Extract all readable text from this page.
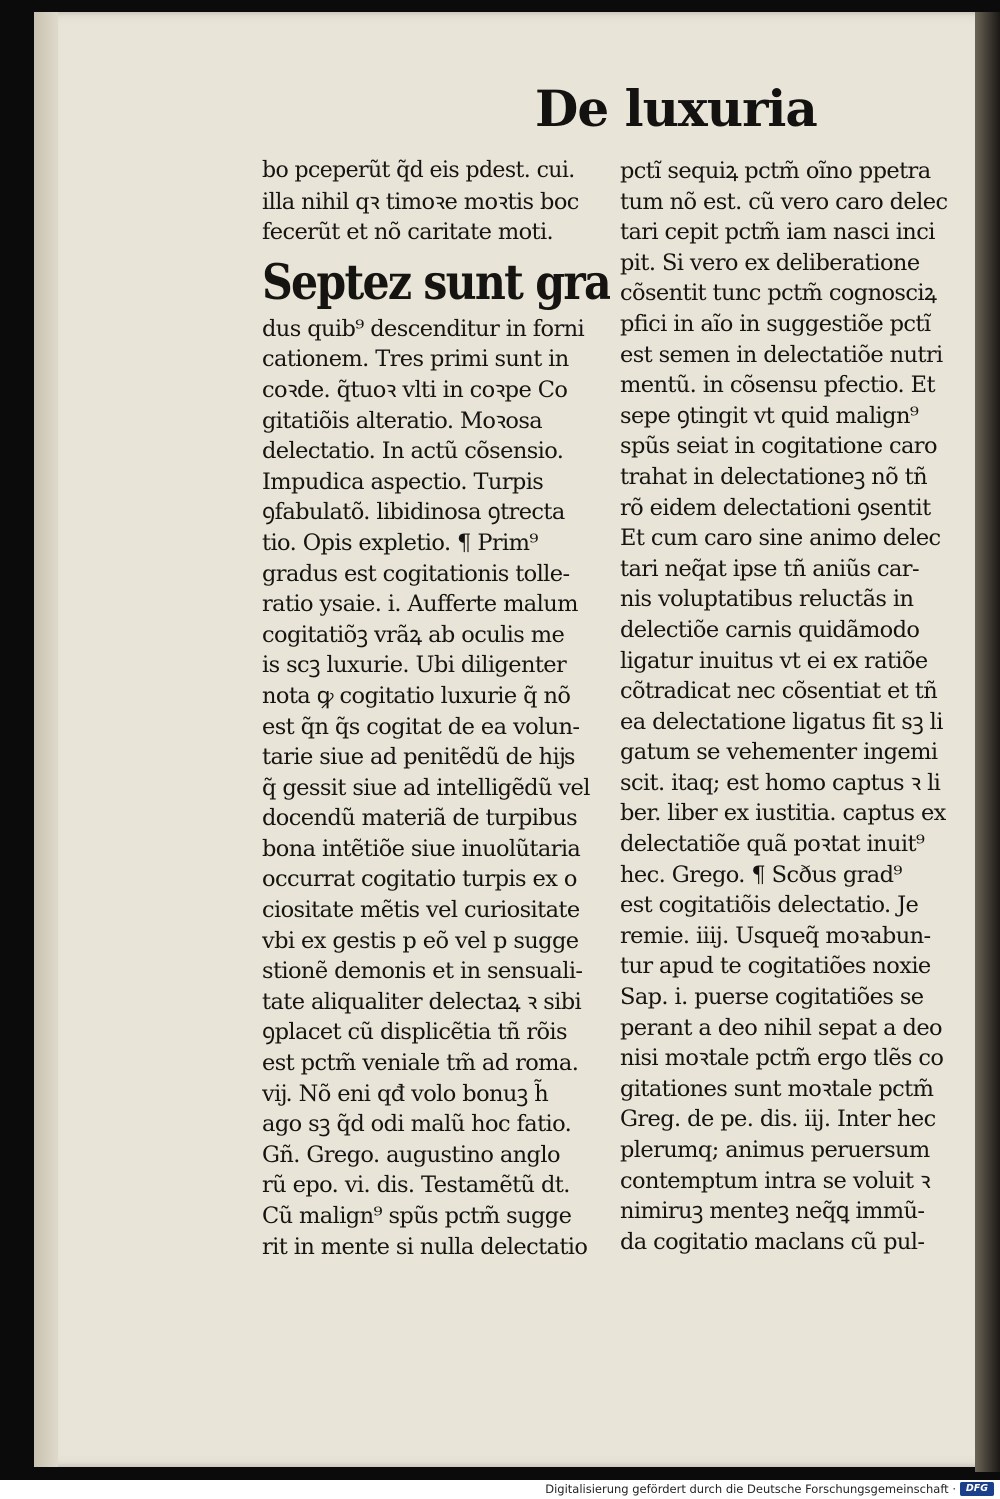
De luxuria
bo pceperũt q̃d eis pdest. cui.
illa nihil qꝛ timoꝛe moꝛtis boc
fecerũt et nõ caritate moti.
Septez sunt gra
dus quib⁹ descenditur in forni
cationem. Tres primi sunt in
coꝛde. q̃tuoꝛ vlti in coꝛpe Co
gitatiõis alteratio. Moꝛosa
delectatio. In actũ cõsensio.
Impudica aspectio. Turpis
ꝯfabulatõ. libidinosa ꝯtrecta
tio. Opis expletio. ¶ Prim⁹
gradus est cogitationis tolle-
ratio ysaie. i. Aufferte malum
cogitatiõꝫ vrãꝝ ab oculis me
is scꝫ luxurie. Ubi diligenter
nota ꝙ cogitatio luxurie q̃ nõ
est q̃n q̃s cogitat de ea volun-
tarie siue ad penitẽdũ de hĳs
q̃ gessit siue ad intelligẽdũ vel
docendũ materiã de turpibus
bona intẽtiõe siue inuolũtaria
occurrat cogitatio turpis ex o
ciositate mẽtis vel curiositate
vbi ex gestis p eõ vel p sugge
stionẽ demonis et in sensuali-
tate aliqualiter delectaꝝ ꝛ sibi
ꝯplacet cũ displicẽtia tñ rõis
est pctm̃ veniale tm̃ ad roma.
vĳ. Nõ eni qđ volo bonuꝫ h̃
ago sꝫ q̃d odi malũ hoc fatio.
Gñ. Grego. augustino anglo
rũ epo. vi. dis. Testamẽtũ dt.
Cũ malign⁹ spũs pctm̃ sugge
rit in mente si nulla delectatio
pctĩ sequiꝝ pctm̃ oĩno ppetra
tum nõ est. cũ vero caro delec
tari cepit pctm̃ iam nasci inci
pit. Si vero ex deliberatione
cõsentit tunc pctm̃ cognosciꝝ
pfici in aĩo in suggestiõe pctĩ
est semen in delectatiõe nutri
mentũ. in cõsensu pfectio. Et
sepe ꝯtingit vt quid malign⁹
spũs seiat in cogitatione caro
trahat in delectationeꝫ nõ tñ
rõ eidem delectationi ꝯsentit
Et cum caro sine animo delec
tari neq̃at ipse tñ aniũs car-
nis voluptatibus reluctãs in
delectiõe carnis quidãmodo
ligatur inuitus vt ei ex ratiõe
cõtradicat nec cõsentiat et tñ
ea delectatione ligatus fit sꝫ li
gatum se vehementer ingemi
scit. itaq; est homo captus ꝛ li
ber. liber ex iustitia. captus ex
delectatiõe quã poꝛtat inuit⁹
hec. Grego. ¶ Scðus grad⁹
est cogitatiõis delectatio. Je
remie. iiij. Usqueq̃ moꝛabun-
tur apud te cogitatiões noxie
Sap. i. puerse cogitatiões se
perant a deo nihil sepat a deo
nisi moꝛtale pctm̃ ergo tlẽs co
gitationes sunt moꝛtale pctm̃
Greg. de pe. dis. iij. Inter hec
plerumq; animus peruersum
contemptum intra se voluit ꝛ
nimiruꝫ menteꝫ neq̃ꝗ immũ-
da cogitatio maclans cũ pul-
Digitalisierung gefördert durch die Deutsche Forschungsgemeinschaft ·	DFG
